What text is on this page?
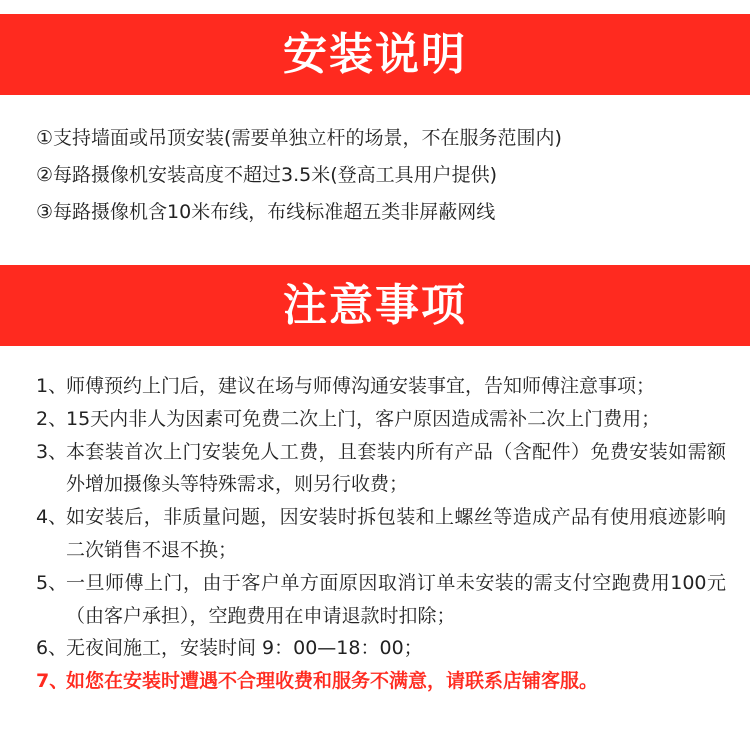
安装说明
①支持墙面或吊顶安装(需要单独立杆的场景，不在服务范围内)
②每路摄像机安装高度不超过3.5米(登高工具用户提供)
③每路摄像机含10米布线，布线标准超五类非屏蔽网线
注意事项
1、
师傅预约上门后，建议在场与师傅沟通安装事宜，告知师傅注意事项；
2、
15天内非人为因素可免费二次上门，客户原因造成需补二次上门费用；
3、
本套装首次上门安装免人工费，且套装内所有产品（含配件）免费安装如需额外增加摄像头等特殊需求，则另行收费；
4、
如安装后，非质量问题，因安装时拆包装和上螺丝等造成产品有使用痕迹影响二次销售不退不换；
5、
一旦师傅上门，由于客户单方面原因取消订单未安装的需支付空跑费用100元（由客户承担），空跑费用在申请退款时扣除；
6、
无夜间施工，安装时间 9：00—18：00；
7、
如您在安装时遭遇不合理收费和服务不满意，请联系店铺客服。
